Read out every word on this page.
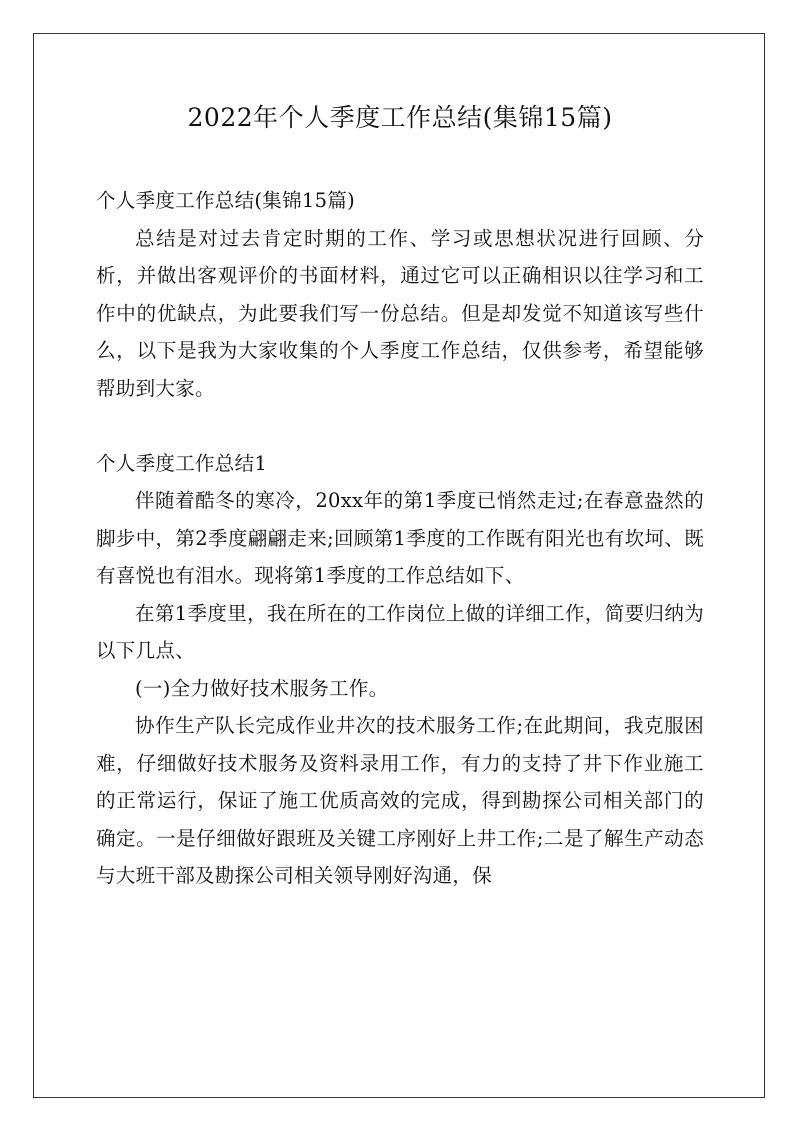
2022年个人季度工作总结(集锦15篇)

个人季度工作总结(集锦15篇)

总结是对过去肯定时期的工作、学习或思想状况进行回顾、分析，并做出客观评价的书面材料，通过它可以正确相识以往学习和工作中的优缺点，为此要我们写一份总结。但是却发觉不知道该写些什么，以下是我为大家收集的个人季度工作总结，仅供参考，希望能够帮助到大家。

个人季度工作总结1

伴随着酷冬的寒冷，20xx年的第1季度已悄然走过;在春意盎然的脚步中，第2季度翩翩走来;回顾第1季度的工作既有阳光也有坎坷、既有喜悦也有泪水。现将第1季度的工作总结如下、

在第1季度里，我在所在的工作岗位上做的详细工作，简要归纳为以下几点、

(一)全力做好技术服务工作。

协作生产队长完成作业井次的技术服务工作;在此期间，我克服困难，仔细做好技术服务及资料录用工作，有力的支持了井下作业施工的正常运行，保证了施工优质高效的完成，得到勘探公司相关部门的确定。一是仔细做好跟班及关键工序刚好上井工作;二是了解生产动态与大班干部及勘探公司相关领导刚好沟通，保
